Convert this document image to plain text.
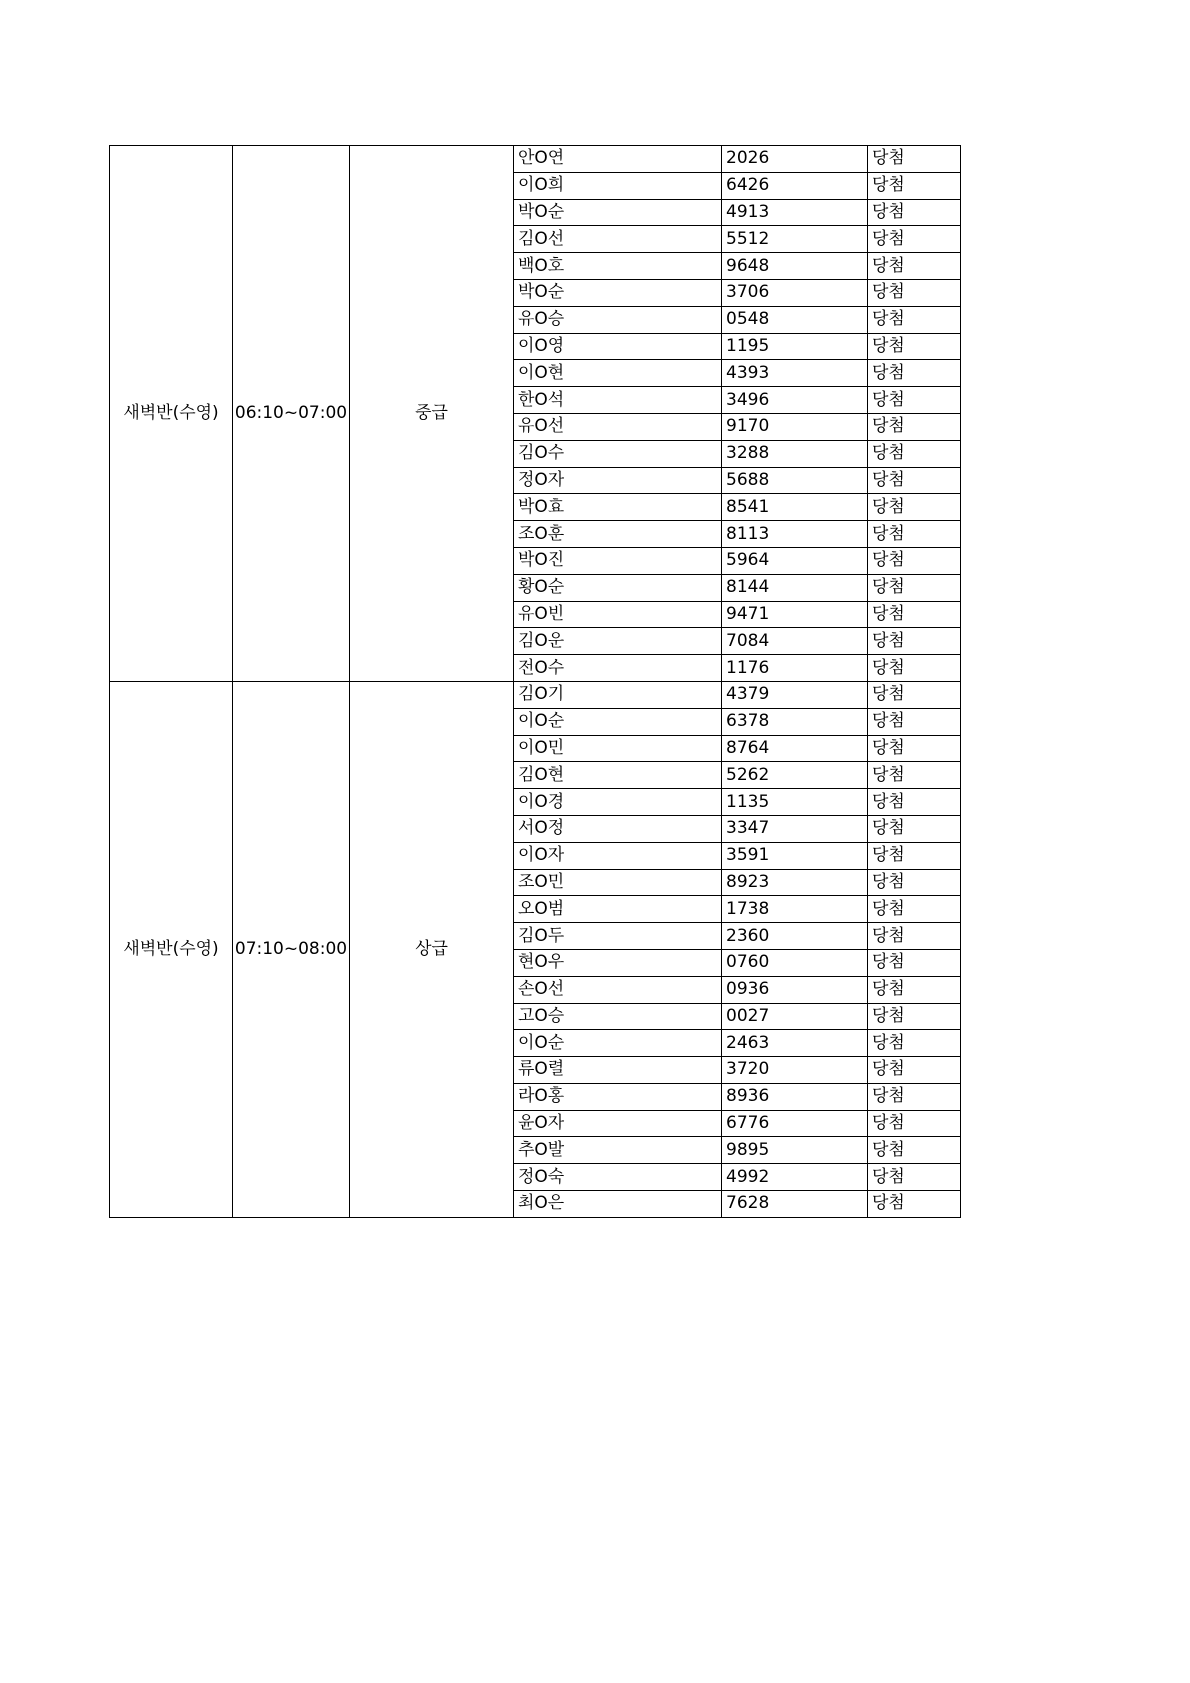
새벽반(수영)	06:10~07:00	중급	안O연	2026	당첨
			이O희	6426	당첨
			박O순	4913	당첨
			김O선	5512	당첨
			백O호	9648	당첨
			박O순	3706	당첨
			유O승	0548	당첨
			이O영	1195	당첨
			이O현	4393	당첨
			한O석	3496	당첨
			유O선	9170	당첨
			김O수	3288	당첨
			정O자	5688	당첨
			박O효	8541	당첨
			조O훈	8113	당첨
			박O진	5964	당첨
			황O순	8144	당첨
			유O빈	9471	당첨
			김O운	7084	당첨
			전O수	1176	당첨
새벽반(수영)	07:10~08:00	상급	김O기	4379	당첨
			이O순	6378	당첨
			이O민	8764	당첨
			김O현	5262	당첨
			이O경	1135	당첨
			서O정	3347	당첨
			이O자	3591	당첨
			조O민	8923	당첨
			오O범	1738	당첨
			김O두	2360	당첨
			현O우	0760	당첨
			손O선	0936	당첨
			고O승	0027	당첨
			이O순	2463	당첨
			류O렬	3720	당첨
			라O홍	8936	당첨
			윤O자	6776	당첨
			추O발	9895	당첨
			정O숙	4992	당첨
			최O은	7628	당첨
